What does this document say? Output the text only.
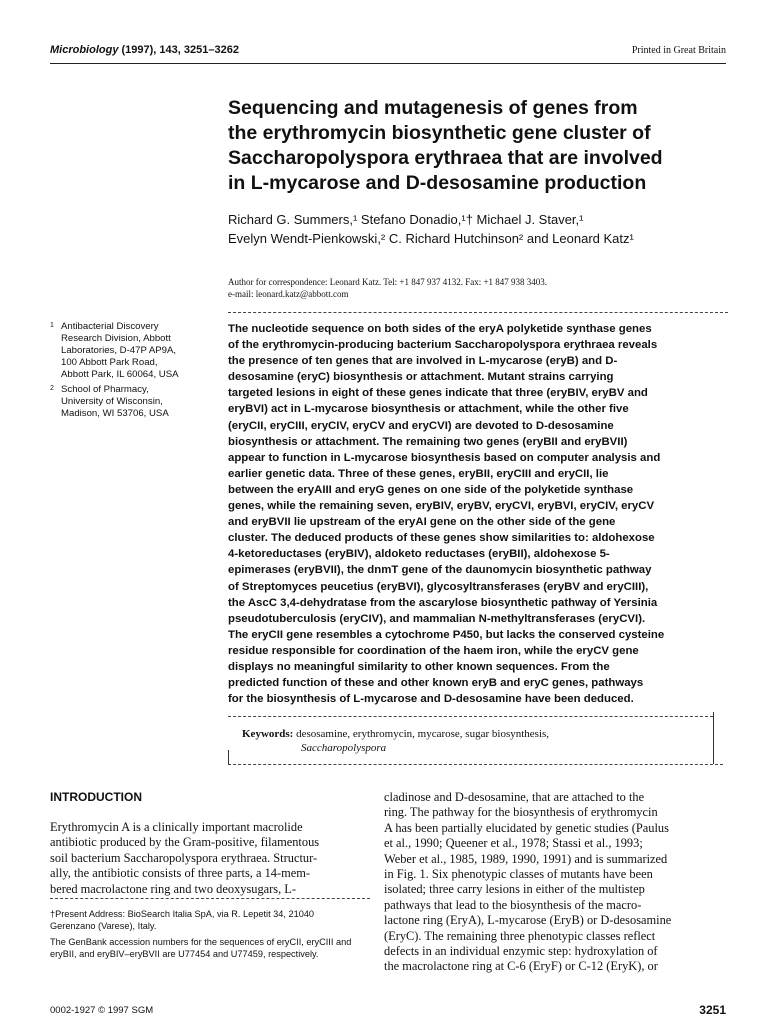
Microbiology (1997), 143, 3251–3262	Printed in Great Britain
Sequencing and mutagenesis of genes from
the erythromycin biosynthetic gene cluster of
Saccharopolyspora erythraea that are involved
in L-mycarose and D-desosamine production
Richard G. Summers,¹ Stefano Donadio,¹† Michael J. Staver,¹
Evelyn Wendt-Pienkowski,² C. Richard Hutchinson² and Leonard Katz¹
Author for correspondence: Leonard Katz. Tel: +1 847 937 4132. Fax: +1 847 938 3403.
e-mail: leonard.katz@abbott.com
1 Antibacterial Discovery
Research Division, Abbott
Laboratories, D-47P AP9A,
100 Abbott Park Road,
Abbott Park, IL 60064, USA
2 School of Pharmacy,
University of Wisconsin,
Madison, WI 53706, USA
The nucleotide sequence on both sides of the eryA polyketide synthase genes
of the erythromycin-producing bacterium Saccharopolyspora erythraea reveals
the presence of ten genes that are involved in L-mycarose (eryB) and D-
desosamine (eryC) biosynthesis or attachment. Mutant strains carrying
targeted lesions in eight of these genes indicate that three (eryBIV, eryBV and
eryBVI) act in L-mycarose biosynthesis or attachment, while the other five
(eryCII, eryCIII, eryCIV, eryCV and eryCVI) are devoted to D-desosamine
biosynthesis or attachment. The remaining two genes (eryBII and eryBVII)
appear to function in L-mycarose biosynthesis based on computer analysis and
earlier genetic data. Three of these genes, eryBII, eryCIII and eryCII, lie
between the eryAIII and eryG genes on one side of the polyketide synthase
genes, while the remaining seven, eryBIV, eryBV, eryCVI, eryBVI, eryCIV, eryCV
and eryBVII lie upstream of the eryAI gene on the other side of the gene
cluster. The deduced products of these genes show similarities to: aldohexose
4-ketoreductases (eryBIV), aldoketo reductases (eryBII), aldohexose 5-
epimerases (eryBVII), the dnmT gene of the daunomycin biosynthetic pathway
of Streptomyces peucetius (eryBVI), glycosyltransferases (eryBV and eryCIII),
the AscC 3,4-dehydratase from the ascarylose biosynthetic pathway of Yersinia
pseudotuberculosis (eryCIV), and mammalian N-methyltransferases (eryCVI).
The eryCII gene resembles a cytochrome P450, but lacks the conserved cysteine
residue responsible for coordination of the haem iron, while the eryCV gene
displays no meaningful similarity to other known sequences. From the
predicted function of these and other known eryB and eryC genes, pathways
for the biosynthesis of L-mycarose and D-desosamine have been deduced.
Keywords: desosamine, erythromycin, mycarose, sugar biosynthesis,
Saccharopolyspora
INTRODUCTION
Erythromycin A is a clinically important macrolide
antibiotic produced by the Gram-positive, filamentous
soil bacterium Saccharopolyspora erythraea. Structur-
ally, the antibiotic consists of three parts, a 14-mem-
bered macrolactone ring and two deoxysugars, L-
†Present Address: BioSearch Italia SpA, via R. Lepetit 34, 21040
Gerenzano (Varese), Italy.
The GenBank accession numbers for the sequences of eryCII, eryCIII and
eryBII, and eryBIV–eryBVII are U77454 and U77459, respectively.
cladinose and D-desosamine, that are attached to the
ring. The pathway for the biosynthesis of erythromycin
A has been partially elucidated by genetic studies (Paulus
et al., 1990; Queener et al., 1978; Stassi et al., 1993;
Weber et al., 1985, 1989, 1990, 1991) and is summarized
in Fig. 1. Six phenotypic classes of mutants have been
isolated; three carry lesions in either of the multistep
pathways that lead to the biosynthesis of the macro-
lactone ring (EryA), L-mycarose (EryB) or D-desosamine
(EryC). The remaining three phenotypic classes reflect
defects in an individual enzymic step: hydroxylation of
the macrolactone ring at C-6 (EryF) or C-12 (EryK), or
0002-1927 © 1997 SGM	3251
